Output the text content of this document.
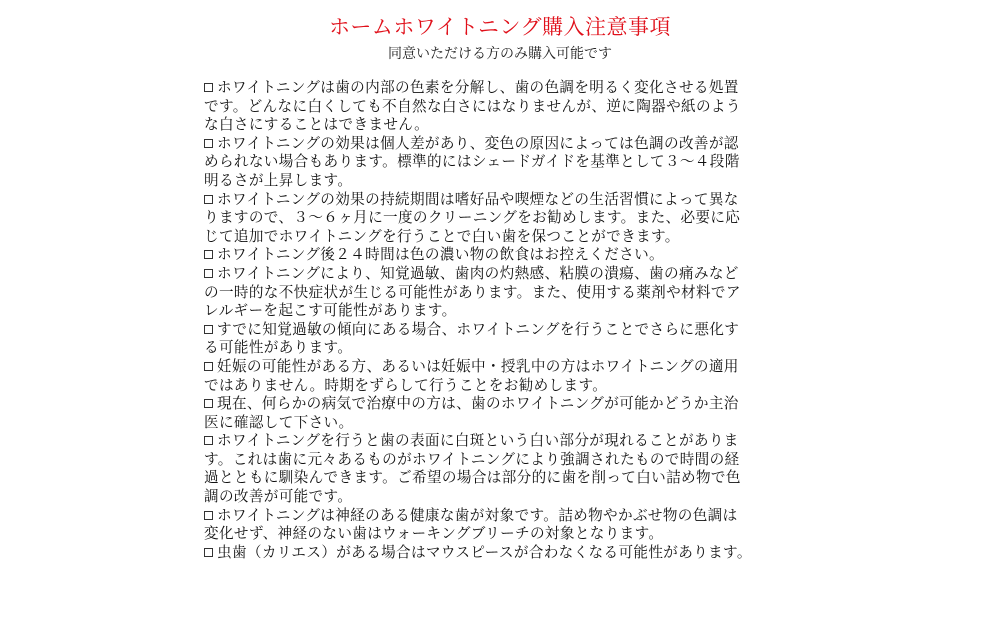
ホームホワイトニング購入注意事項
同意いただける方のみ購入可能です
ホワイトニングは歯の内部の色素を分解し、歯の色調を明るく変化させる処置
です。どんなに白くしても不自然な白さにはなりませんが、逆に陶器や紙のよう
な白さにすることはできません。
ホワイトニングの効果は個人差があり、変色の原因によっては色調の改善が認
められない場合もあります。標準的にはシェードガイドを基準として３～４段階
明るさが上昇します。
ホワイトニングの効果の持続期間は嗜好品や喫煙などの生活習慣によって異な
りますので、３～６ヶ月に一度のクリーニングをお勧めします。また、必要に応
じて追加でホワイトニングを行うことで白い歯を保つことができます。
ホワイトニング後２４時間は色の濃い物の飲食はお控えください。
ホワイトニングにより、知覚過敏、歯肉の灼熱感、粘膜の潰瘍、歯の痛みなど
の一時的な不快症状が生じる可能性があります。また、使用する薬剤や材料でア
レルギーを起こす可能性があります。
すでに知覚過敏の傾向にある場合、ホワイトニングを行うことでさらに悪化す
る可能性があります。
妊娠の可能性がある方、あるいは妊娠中・授乳中の方はホワイトニングの適用
ではありません。時期をずらして行うことをお勧めします。
現在、何らかの病気で治療中の方は、歯のホワイトニングが可能かどうか主治
医に確認して下さい。
ホワイトニングを行うと歯の表面に白斑という白い部分が現れることがありま
す。これは歯に元々あるものがホワイトニングにより強調されたもので時間の経
過とともに馴染んできます。ご希望の場合は部分的に歯を削って白い詰め物で色
調の改善が可能です。
ホワイトニングは神経のある健康な歯が対象です。詰め物やかぶせ物の色調は
変化せず、神経のない歯はウォーキングブリーチの対象となります。
虫歯（カリエス）がある場合はマウスピースが合わなくなる可能性があります。
